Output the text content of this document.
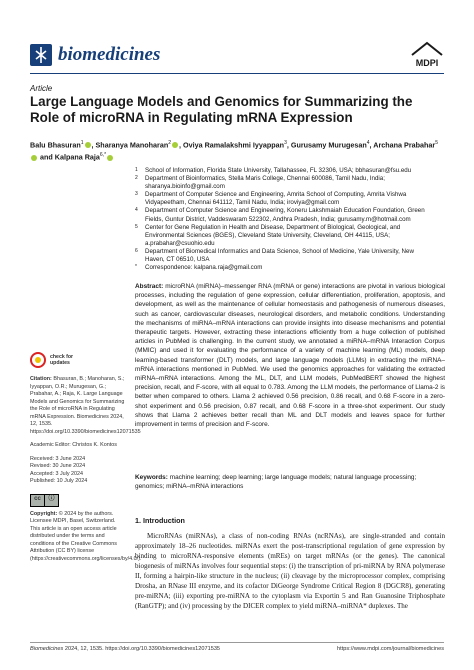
biomedicines	MDPI
Article
Large Language Models and Genomics for Summarizing the Role of microRNA in Regulating mRNA Expression
Balu Bhasuran$^1$ , Sharanya Manoharan$^2$ , Oviya Ramalakshmi Iyyappan$^3$, Gurusamy Murugesan$^4$, Archana Prabahar$^5$ and Kalpana Raja$^{6,*}$
1 School of Information, Florida State University, Tallahassee, FL 32306, USA; bbhasuran@fsu.edu
2 Department of Bioinformatics, Stella Maris College, Chennai 600086, Tamil Nadu, India; sharanya.bioinfo@gmail.com
3 Department of Computer Science and Engineering, Amrita School of Computing, Amrita Vishwa Vidyapeetham, Chennai 641112, Tamil Nadu, India; iroviya@gmail.com
4 Department of Computer Science and Engineering, Koneru Lakshmaiah Education Foundation, Green Fields, Guntur District, Vaddeswaram 522302, Andhra Pradesh, India; gurusamy.m@hotmail.com
5 Center for Gene Regulation in Health and Disease, Department of Biological, Geological, and Environmental Sciences (BGES), Cleveland State University, Cleveland, OH 44115, USA; a.prabahar@csuohio.edu
6 Department of Biomedical Informatics and Data Science, School of Medicine, Yale University, New Haven, CT 06510, USA
* Correspondence: kalpana.raja@gmail.com
Abstract: microRNA (miRNA)–messenger RNA (mRNA or gene) interactions are pivotal in various biological processes, including the regulation of gene expression, cellular differentiation, proliferation, apoptosis, and development, as well as the maintenance of cellular homeostasis and pathogenesis of numerous diseases, such as cancer, cardiovascular diseases, neurological disorders, and metabolic conditions. Understanding the mechanisms of miRNA–mRNA interactions can provide insights into disease mechanisms and potential therapeutic targets. However, extracting these interactions efficiently from a huge collection of published articles in PubMed is challenging. In the current study, we annotated a miRNA–mRNA Interaction Corpus (MMIC) and used it for evaluating the performance of a variety of machine learning (ML) models, deep learning-based transformer (DLT) models, and large language models (LLMs) in extracting the miRNA–mRNA interactions mentioned in PubMed. We used the genomics approaches for validating the extracted miRNA–mRNA interactions. Among the ML, DLT, and LLM models, PubMedBERT showed the highest precision, recall, and F-score, with all equal to 0.783. Among the LLM models, the performance of Llama-2 is better when compared to others. Llama 2 achieved 0.56 precision, 0.86 recall, and 0.68 F-score in a zero-shot experiment and 0.56 precision, 0.87 recall, and 0.68 F-score in a three-shot experiment. Our study shows that Llama 2 achieves better recall than ML and DLT models and leaves space for further improvement in terms of precision and F-score.
Keywords: machine learning; deep learning; large language models; natural language processing; genomics; miRNA–mRNA interactions
check for
updates
Citation: Bhasuran, B.; Manoharan, S.; Iyyappan, O.R.; Murugesan, G.; Prabahar, A.; Raja, K. Large Language Models and Genomics for Summarizing the Role of microRNA in Regulating mRNA Expression. Biomedicines 2024, 12, 1535. https://doi.org/10.3390/biomedicines12071535
Academic Editor: Christos K. Kontos
Received: 3 June 2024
Revised: 30 June 2024
Accepted: 3 July 2024
Published: 10 July 2024
cc	ⓘ
Copyright: © 2024 by the authors. Licensee MDPI, Basel, Switzerland. This article is an open access article distributed under the terms and conditions of the Creative Commons Attribution (CC BY) license (https://creativecommons.org/licenses/by/4.0/).
1. Introduction

MicroRNAs (miRNAs), a class of non-coding RNAs (ncRNAs), are single-stranded and contain approximately 18–26 nucleotides. miRNAs exert the post-transcriptional regulation of gene expression by binding to microRNA-responsive elements (mREs) on target mRNAs (or the genes). The canonical biogenesis of miRNAs involves four sequential steps: (i) the transcription of pri-miRNA by RNA polymerase II, forming a hairpin-like structure in the nucleus; (ii) cleavage by the microprocessor complex, comprising Drosha, an RNase III enzyme, and its cofactor DiGeorge Syndrome Critical Region 8 (DGCR8), generating pre-miRNA; (iii) exporting pre-miRNA to the cytoplasm via Exportin 5 and Ran Guanosine Triphosphate (RanGTP); and (iv) processing by the DICER complex to yield miRNA–miRNA* duplexes. The

Biomedicines 2024, 12, 1535. https://doi.org/10.3390/biomedicines12071535	https://www.mdpi.com/journal/biomedicines
